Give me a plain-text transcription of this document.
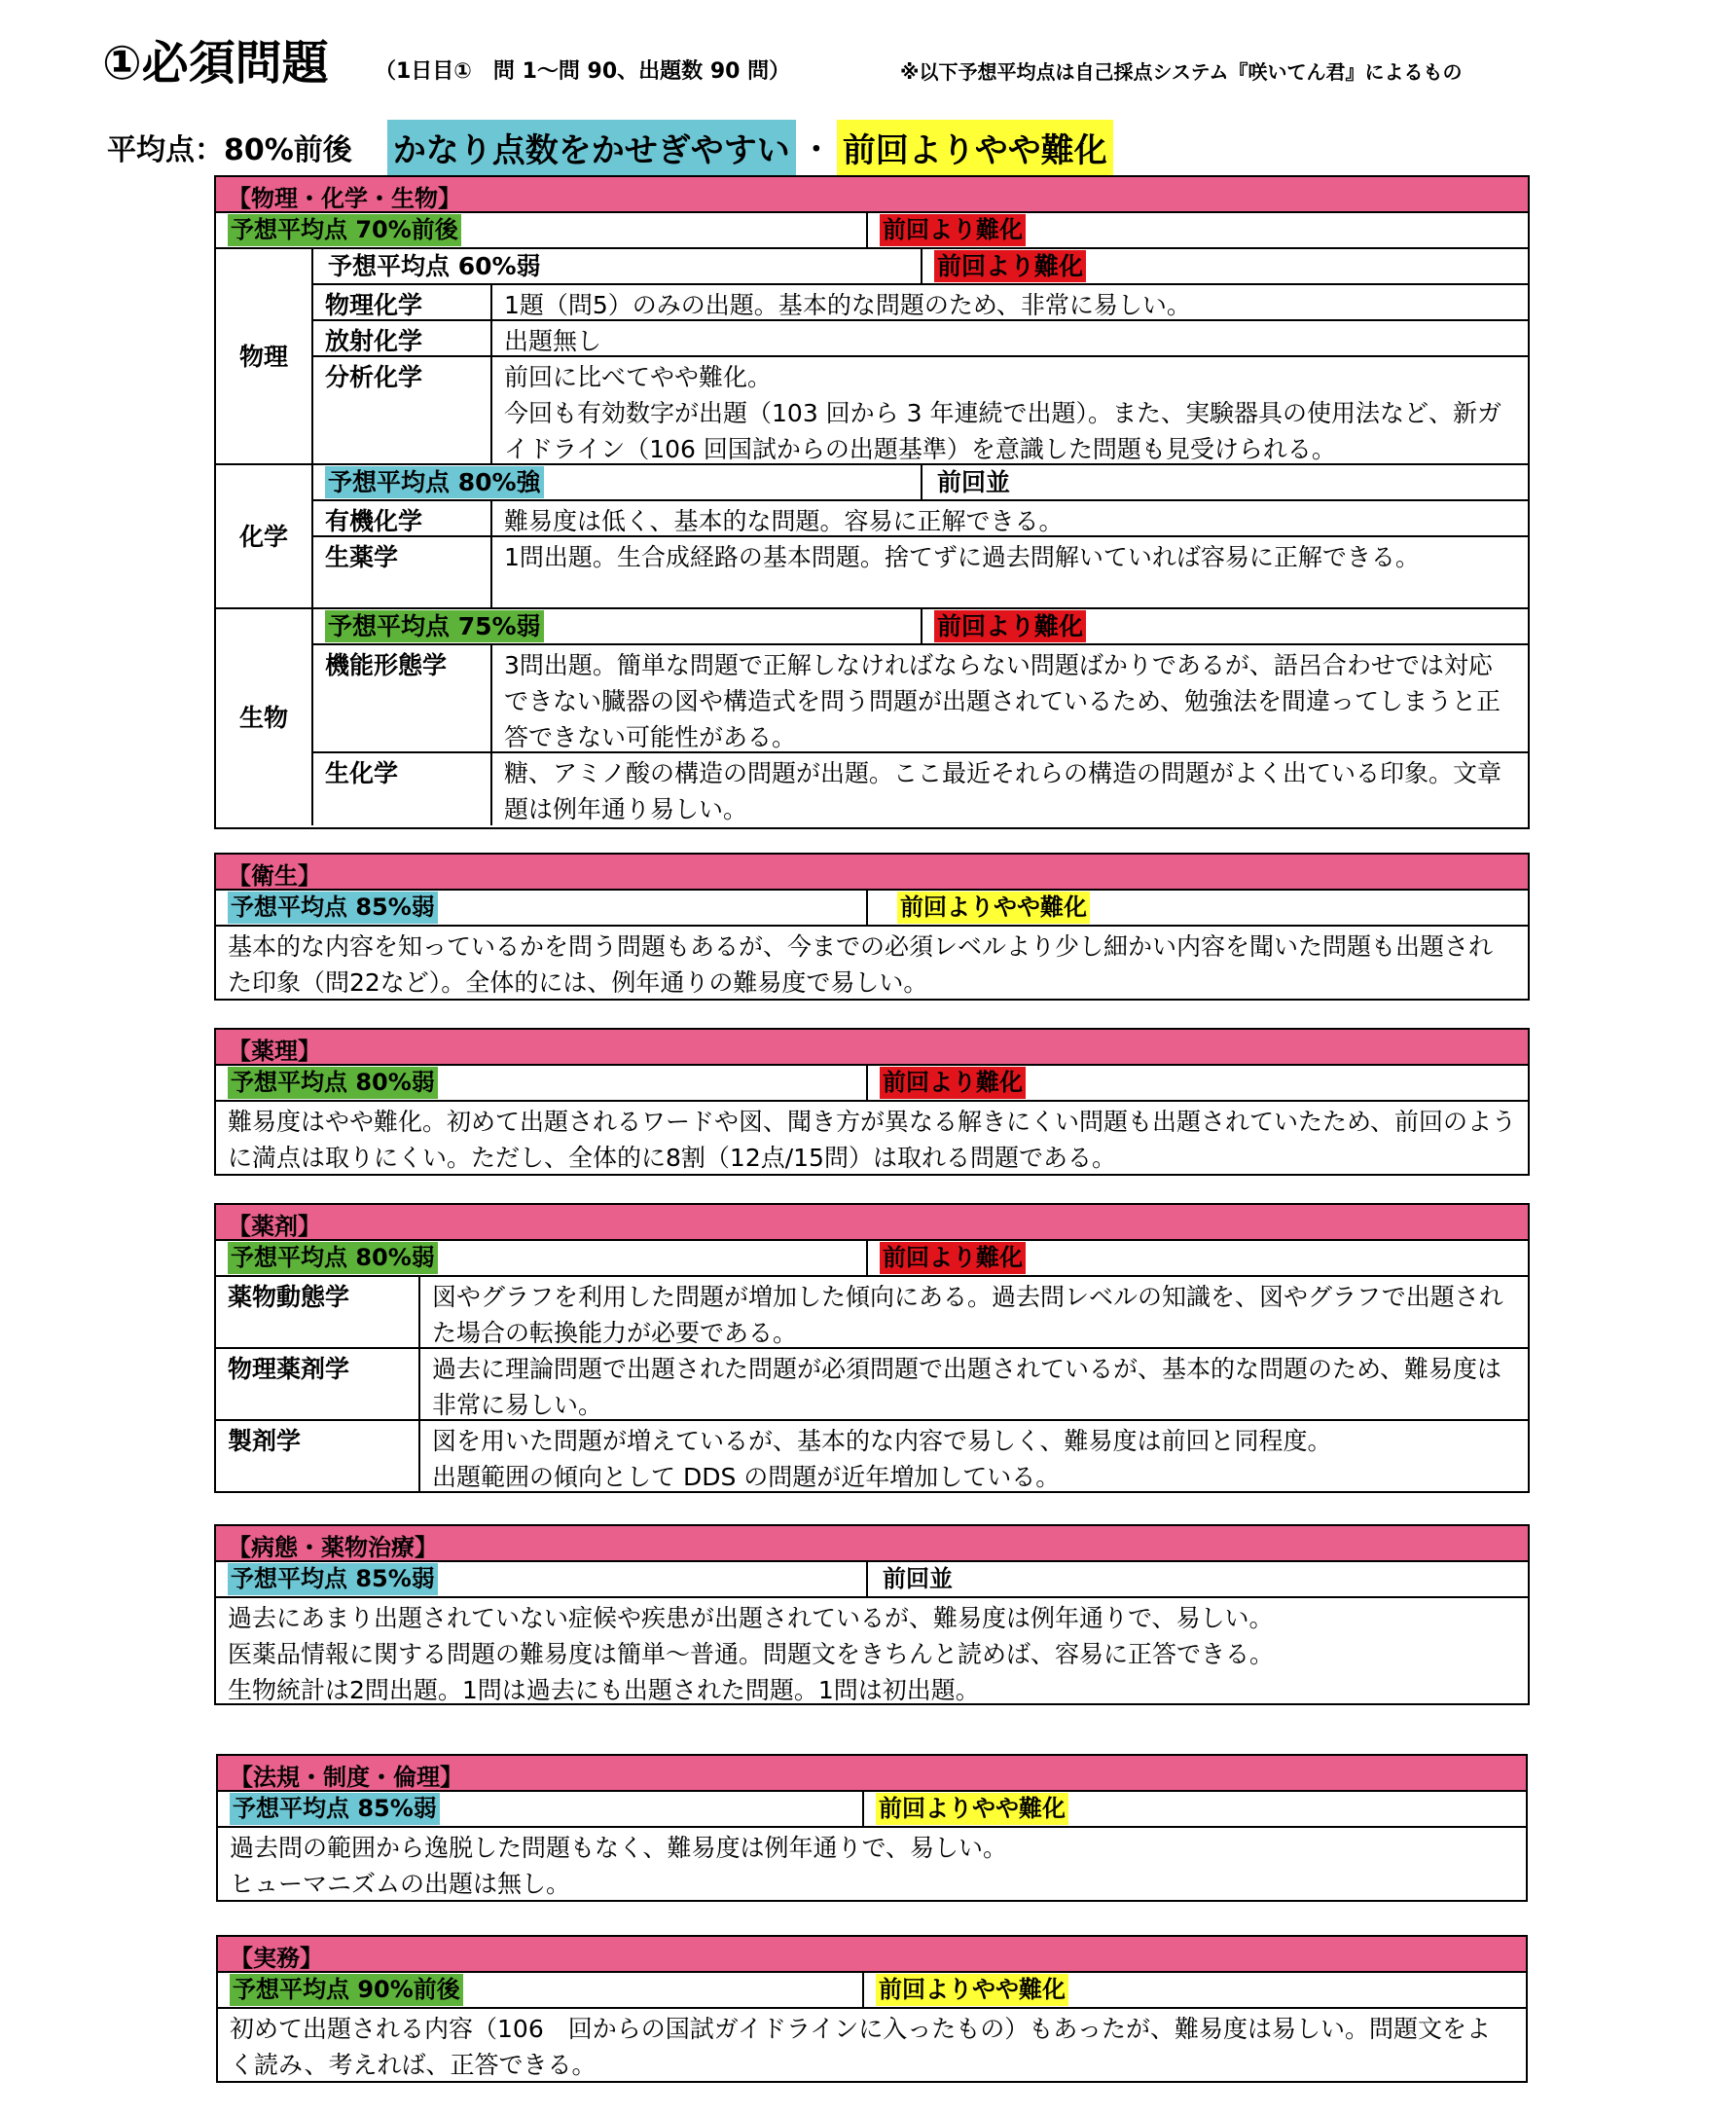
①必須問題 （1日目①　問 1～問 90、出題数 90 問）	※以下予想平均点は自己採点システム『咲いてん君』によるもの
平均点：80%前後 かなり点数をかせぎやすい ・ 前回よりやや難化
【物理・化学・生物】
予想平均点 70%前後	前回より難化
物理
予想平均点 60%弱	前回より難化
物理化学	1題（問5）のみの出題。基本的な問題のため、非常に易しい。
放射化学	出題無し
分析化学	前回に比べてやや難化。
今回も有効数字が出題（103 回から 3 年連続で出題）。また、実験器具の使用法など、新ガイドライン（106 回国試からの出題基準）を意識した問題も見受けられる。
化学
予想平均点 80%強	前回並
有機化学	難易度は低く、基本的な問題。容易に正解できる。
生薬学	1問出題。生合成経路の基本問題。捨てずに過去問解いていれば容易に正解できる。
生物
予想平均点 75%弱	前回より難化
機能形態学	3問出題。簡単な問題で正解しなければならない問題ばかりであるが、語呂合わせでは対応できない臓器の図や構造式を問う問題が出題されているため、勉強法を間違ってしまうと正答できない可能性がある。
生化学	糖、アミノ酸の構造の問題が出題。ここ最近それらの構造の問題がよく出ている印象。文章題は例年通り易しい。
【衛生】
予想平均点 85%弱	前回よりやや難化
基本的な内容を知っているかを問う問題もあるが、今までの必須レベルより少し細かい内容を聞いた問題も出題された印象（問22など）。全体的には、例年通りの難易度で易しい。
【薬理】
予想平均点 80%弱	前回より難化
難易度はやや難化。初めて出題されるワードや図、聞き方が異なる解きにくい問題も出題されていたため、前回のように満点は取りにくい。ただし、全体的に8割（12点/15問）は取れる問題である。
【薬剤】
予想平均点 80%弱	前回より難化
薬物動態学	図やグラフを利用した問題が増加した傾向にある。過去問レベルの知識を、図やグラフで出題された場合の転換能力が必要である。
物理薬剤学	過去に理論問題で出題された問題が必須問題で出題されているが、基本的な問題のため、難易度は非常に易しい。
製剤学	図を用いた問題が増えているが、基本的な内容で易しく、難易度は前回と同程度。
出題範囲の傾向として DDS の問題が近年増加している。
【病態・薬物治療】
予想平均点 85%弱	前回並
過去にあまり出題されていない症候や疾患が出題されているが、難易度は例年通りで、易しい。
医薬品情報に関する問題の難易度は簡単～普通。問題文をきちんと読めば、容易に正答できる。
生物統計は2問出題。1問は過去にも出題された問題。1問は初出題。
【法規・制度・倫理】
予想平均点 85%弱	前回よりやや難化
過去問の範囲から逸脱した問題もなく、難易度は例年通りで、易しい。
ヒューマニズムの出題は無し。
【実務】
予想平均点 90%前後	前回よりやや難化
初めて出題される内容（106　回からの国試ガイドラインに入ったもの）もあったが、難易度は易しい。問題文をよく読み、考えれば、正答できる。
